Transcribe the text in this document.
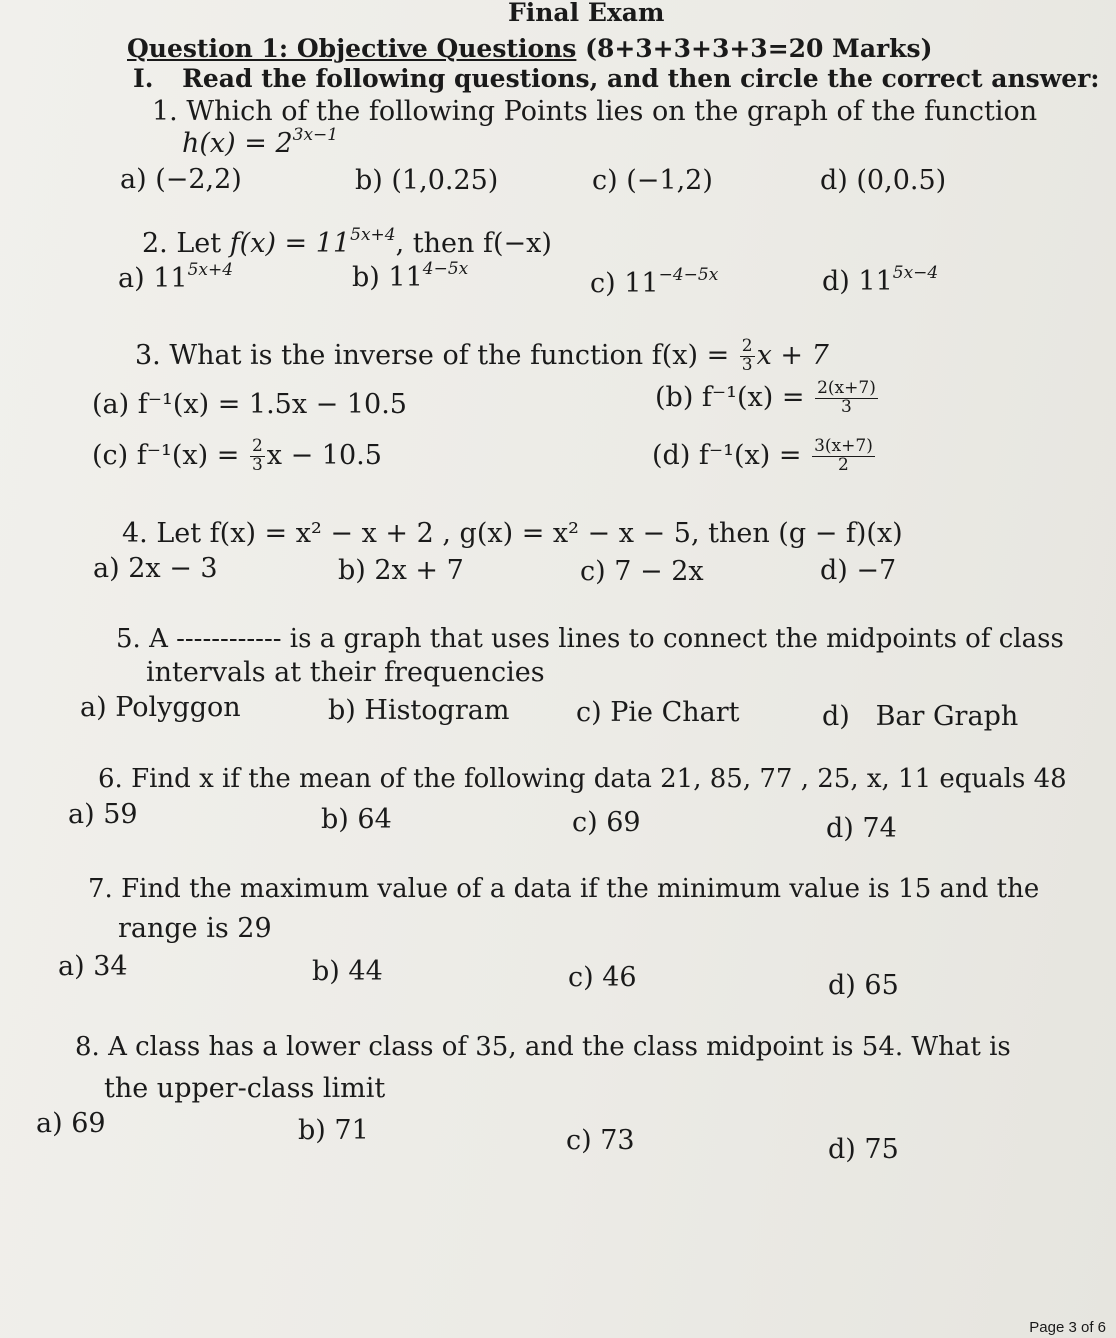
Final Exam
Question 1: Objective Questions (8+3+3+3+3=20 Marks)
I. Read the following questions, and then circle the correct answer:
1. Which of the following Points lies on the graph of the function
$h(x) = 2^{3x-1}$
a) (−2,2)	b) (1,0.25)	c) (−1,2)	d) (0,0.5)
2. Let $f(x) = 11^{5x+4}$, then f(−x)
a) $11^{5x+4}$	b) $11^{4-5x}$	c) $11^{-4-5x}$	d) $11^{5x-4}$
3. What is the inverse of the function $f(x) = \frac{2}{3}$ x + 7
(a) f⁻¹(x) = 1.5x − 10.5	(b) $f^{-1}(x) = \frac{2(x+7)}{3}$
(c) $f^{-1}(x) = \frac{2}{3}$ x − 10.5	(d) $f^{-1}(x) = \frac{3(x+7)}{2}$
4. Let f(x) = x² − x + 2 , g(x) = x² − x − 5, then (g − f)(x)
a) 2x − 3	b) 2x + 7	c) 7 − 2x	d) −7
5. A ------------ is a graph that uses lines to connect the midpoints of class
intervals at their frequencies
a) Polyggon	b) Histogram c) Pie Chart	d)   Bar Graph
6. Find x if the mean of the following data 21, 85, 77 , 25, x, 11 equals 48
a) 59	b) 64	c) 69	d) 74
7. Find the maximum value of a data if the minimum value is 15 and the
range is 29
a) 34	b) 44	c) 46	d) 65
8. A class has a lower class of 35, and the class midpoint is 54. What is
the upper-class limit
a) 69	b) 71	c) 73	d) 75
Page 3 of 6
